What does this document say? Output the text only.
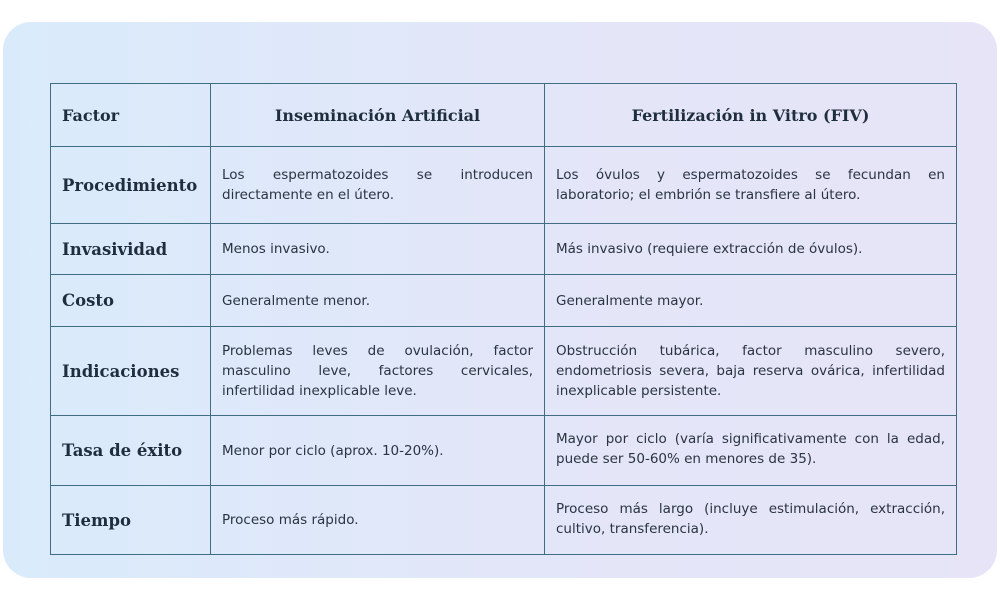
Factor	Inseminación Artificial	Fertilización in Vitro (FIV)
Procedimiento	Los espermatozoides se introducen directamente en el útero.	Los óvulos y espermatozoides se fecundan en laboratorio; el embrión se transfiere al útero.
Invasividad	Menos invasivo.	Más invasivo (requiere extracción de óvulos).
Costo	Generalmente menor.	Generalmente mayor.
Indicaciones	Problemas leves de ovulación, factor masculino leve, factores cervicales, infertilidad inexplicable leve.	Obstrucción tubárica, factor masculino severo, endometriosis severa, baja reserva ovárica, infertilidad inexplicable persistente.
Tasa de éxito	Menor por ciclo (aprox. 10-20%).	Mayor por ciclo (varía significativamente con la edad, puede ser 50-60% en menores de 35).
Tiempo	Proceso más rápido.	Proceso más largo (incluye estimulación, extracción, cultivo, transferencia).
